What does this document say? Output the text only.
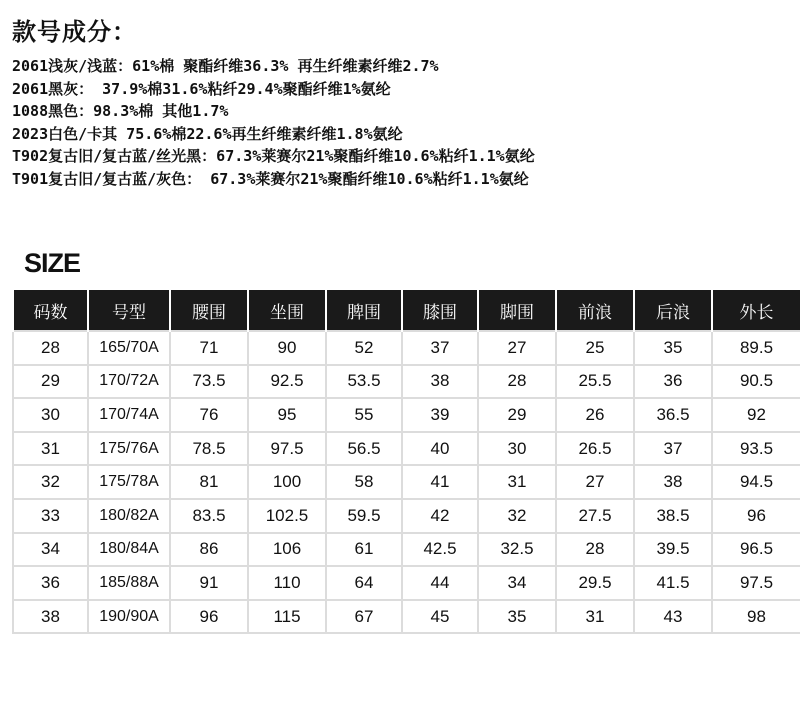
款号成分：
2061浅灰/浅蓝：61%棉 聚酯纤维36.3% 再生纤维素纤维2.7%
2061黑灰： 37.9%棉31.6%粘纤29.4%聚酯纤维1%氨纶
1088黑色：98.3%棉 其他1.7%
2023白色/卡其 75.6%棉22.6%再生纤维素纤维1.8%氨纶
T902复古旧/复古蓝/丝光黑：67.3%莱赛尔21%聚酯纤维10.6%粘纤1.1%氨纶
T901复古旧/复古蓝/灰色： 67.3%莱赛尔21%聚酯纤维10.6%粘纤1.1%氨纶
SIZE
码数	号型	腰围	坐围	脾围	膝围	脚围	前浪	后浪	外长
28	165/70A	71	90	52	37	27	25	35	89.5
29	170/72A	73.5	92.5	53.5	38	28	25.5	36	90.5
30	170/74A	76	95	55	39	29	26	36.5	92
31	175/76A	78.5	97.5	56.5	40	30	26.5	37	93.5
32	175/78A	81	100	58	41	31	27	38	94.5
33	180/82A	83.5	102.5	59.5	42	32	27.5	38.5	96
34	180/84A	86	106	61	42.5	32.5	28	39.5	96.5
36	185/88A	91	110	64	44	34	29.5	41.5	97.5
38	190/90A	96	115	67	45	35	31	43	98
